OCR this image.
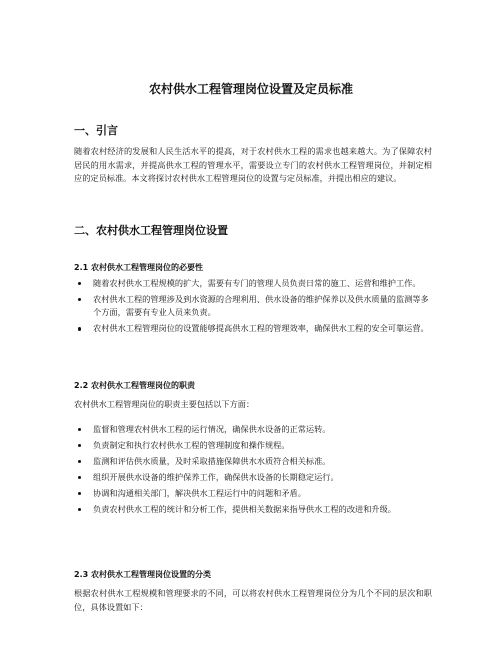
农村供水工程管理岗位设置及定员标准
一、引言

随着农村经济的发展和人民生活水平的提高，对于农村供水工程的需求也越来越大。为了保障农村居民的用水需求，并提高供水工程的管理水平，需要设立专门的农村供水工程管理岗位，并制定相应的定员标准。本文将探讨农村供水工程管理岗位的设置与定员标准，并提出相应的建议。

二、农村供水工程管理岗位设置
2.1 农村供水工程管理岗位的必要性
随着农村供水工程规模的扩大，需要有专门的管理人员负责日常的施工、运营和维护工作。
农村供水工程的管理涉及到水资源的合理利用、供水设备的维护保养以及供水质量的监测等多个方面，需要有专业人员来负责。
农村供水工程管理岗位的设置能够提高供水工程的管理效率，确保供水工程的安全可靠运营。
2.2 农村供水工程管理岗位的职责

农村供水工程管理岗位的职责主要包括以下方面：

监督和管理农村供水工程的运行情况，确保供水设备的正常运转。
负责制定和执行农村供水工程的管理制度和操作规程。
监测和评估供水质量，及时采取措施保障供水水质符合相关标准。
组织开展供水设备的维护保养工作，确保供水设备的长期稳定运行。
协调和沟通相关部门，解决供水工程运行中的问题和矛盾。
负责农村供水工程的统计和分析工作，提供相关数据来指导供水工程的改进和升级。
2.3 农村供水工程管理岗位设置的分类

根据农村供水工程规模和管理要求的不同，可以将农村供水工程管理岗位分为几个不同的层次和职位，具体设置如下：
